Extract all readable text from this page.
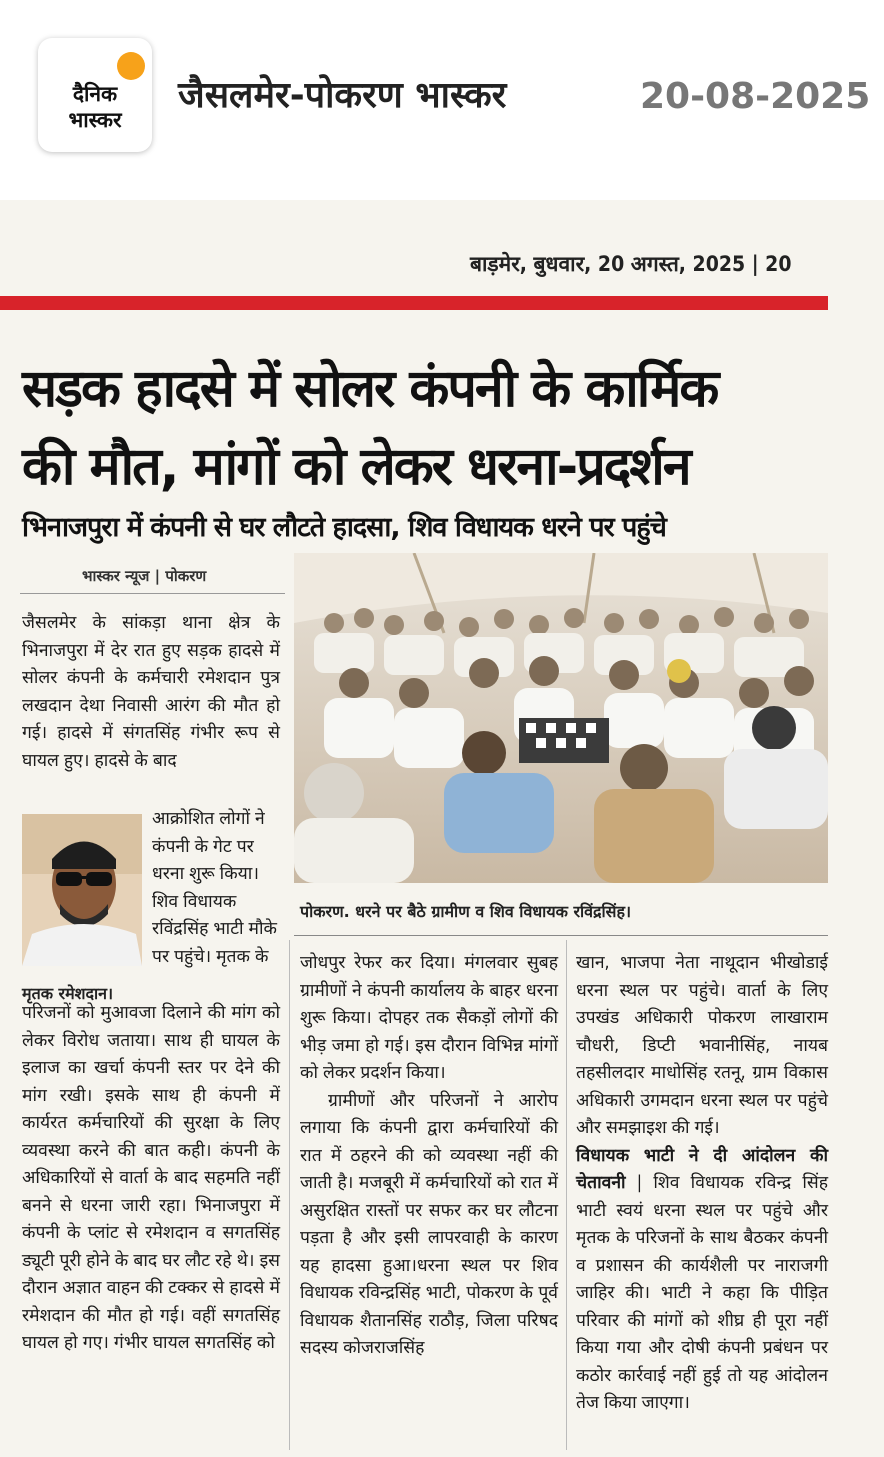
दैनिक
भास्कर
जैसलमेर-पोकरण भास्कर	20-08-2025
बाड़मेर, बुधवार, 20 अगस्त, 2025 | 20
सड़क हादसे में सोलर कंपनी के कार्मिक
की मौत, मांगों को लेकर धरना-प्रदर्शन
भिनाजपुरा में कंपनी से घर लौटते हादसा, शिव विधायक धरने पर पहुंचे
भास्कर न्यूज | पोकरण
पोकरण. धरने पर बैठे ग्रामीण व शिव विधायक रविंद्रसिंह।

जैसलमेर के सांकड़ा थाना क्षेत्र के भिनाजपुरा में देर रात हुए सड़क हादसे में सोलर कंपनी के कर्मचारी रमेशदान पुत्र लखदान देथा निवासी आरंग की मौत हो गई। हादसे में संगतसिंह गंभीर रूप से घायल हुए। हादसे के बाद

आक्रोशित लोगों ने कंपनी के गेट पर धरना शुरू किया। शिव विधायक रविंद्रसिंह भाटी मौके पर पहुंचे। मृतक के
मृतक रमेशदान।

परिजनों को मुआवजा दिलाने की मांग को लेकर विरोध जताया। साथ ही घायल के इलाज का खर्चा कंपनी स्तर पर देने की मांग रखी। इसके साथ ही कंपनी में कार्यरत कर्मचारियों की सुरक्षा के लिए व्यवस्था करने की बात कही। कंपनी के अधिकारियों से वार्ता के बाद सहमति नहीं बनने से धरना जारी रहा। भिनाजपुरा में कंपनी के प्लांट से रमेशदान व सगतसिंह ड्यूटी पूरी होने के बाद घर लौट रहे थे। इस दौरान अज्ञात वाहन की टक्कर से हादसे में रमेशदान की मौत हो गई। वहीं सगतसिंह घायल हो गए। गंभीर घायल सगतसिंह को

जोधपुर रेफर कर दिया। मंगलवार सुबह ग्रामीणों ने कंपनी कार्यालय के बाहर धरना शुरू किया। दोपहर तक सैकड़ों लोगों की भीड़ जमा हो गई। इस दौरान विभिन्न मांगों को लेकर प्रदर्शन किया।

ग्रामीणों और परिजनों ने आरोप लगाया कि कंपनी द्वारा कर्मचारियों की रात में ठहरने की को व्यवस्था नहीं की जाती है। मजबूरी में कर्मचारियों को रात में असुरक्षित रास्तों पर सफर कर घर लौटना पड़ता है और इसी लापरवाही के कारण यह हादसा हुआ।धरना स्थल पर शिव विधायक रविन्द्रसिंह भाटी, पोकरण के पूर्व विधायक शैतानसिंह राठौड़, जिला परिषद सदस्य कोजराजसिंह

खान, भाजपा नेता नाथूदान भीखोडाई धरना स्थल पर पहुंचे। वार्ता के लिए उपखंड अधिकारी पोकरण लाखाराम चौधरी, डिप्टी भवानीसिंह, नायब तहसीलदार माधोसिंह रतनू, ग्राम विकास अधिकारी उगमदान धरना स्थल पर पहुंचे और समझाइश की गई।

विधायक भाटी ने दी आंदोलन की चेतावनी | शिव विधायक रविन्द्र सिंह भाटी स्वयं धरना स्थल पर पहुंचे और मृतक के परिजनों के साथ बैठकर कंपनी व प्रशासन की कार्यशैली पर नाराजगी जाहिर की। भाटी ने कहा कि पीड़ित परिवार की मांगों को शीघ्र ही पूरा नहीं किया गया और दोषी कंपनी प्रबंधन पर कठोर कार्रवाई नहीं हुई तो यह आंदोलन तेज किया जाएगा।
